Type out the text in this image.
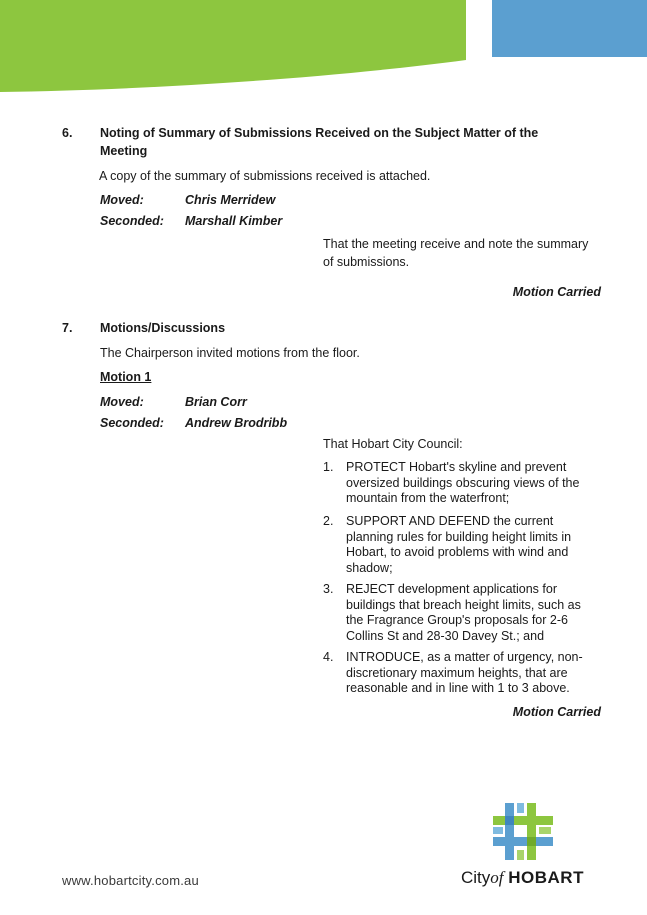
6. Noting of Summary of Submissions Received on the Subject Matter of the
Meeting
A copy of the summary of submissions received is attached.
Moved:	Chris Merridew
Seconded: Marshall Kimber
That the meeting receive and note the summary
of submissions.
Motion Carried
7. Motions/Discussions
The Chairperson invited motions from the floor.
Motion 1
Moved:	Brian Corr
Seconded: Andrew Brodribb
That Hobart City Council:
1. PROTECT Hobart's skyline and prevent
oversized buildings obscuring views of the
mountain from the waterfront;
2. SUPPORT AND DEFEND the current
planning rules for building height limits in
Hobart, to avoid problems with wind and
shadow;
3. REJECT development applications for
buildings that breach height limits, such as
the Fragrance Group's proposals for 2-6
Collins St and 28-30 Davey St.; and
4. INTRODUCE, as a matter of urgency, non-
discretionary maximum heights, that are
reasonable and in line with 1 to 3 above.
Motion Carried
www.hobartcity.com.au	Cityof HOBART
